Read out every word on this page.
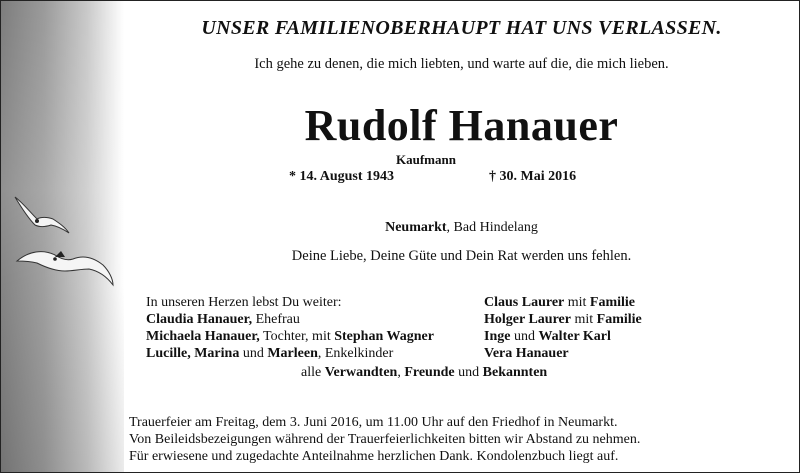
UNSER FAMILIENOBERHAUPT HAT UNS VERLASSEN.
Ich gehe zu denen, die mich liebten, und warte auf die, die mich lieben.
Rudolf Hanauer
Kaufmann
* 14. August 1943	† 30. Mai 2016
Neumarkt, Bad Hindelang
Deine Liebe, Deine Güte und Dein Rat werden uns fehlen.
In unseren Herzen lebst Du weiter:
Claudia Hanauer, Ehefrau
Michaela Hanauer, Tochter, mit Stephan Wagner
Lucille, Marina und Marleen, Enkelkinder
Claus Laurer mit Familie
Holger Laurer mit Familie
Inge und Walter Karl
Vera Hanauer
alle Verwandten, Freunde und Bekannten
Trauerfeier am Freitag, dem 3. Juni 2016, um 11.00 Uhr auf den Friedhof in Neumarkt.
Von Beileidsbezeigungen während der Trauerfeierlichkeiten bitten wir Abstand zu nehmen.
Für erwiesene und zugedachte Anteilnahme herzlichen Dank. Kondolenzbuch liegt auf.
